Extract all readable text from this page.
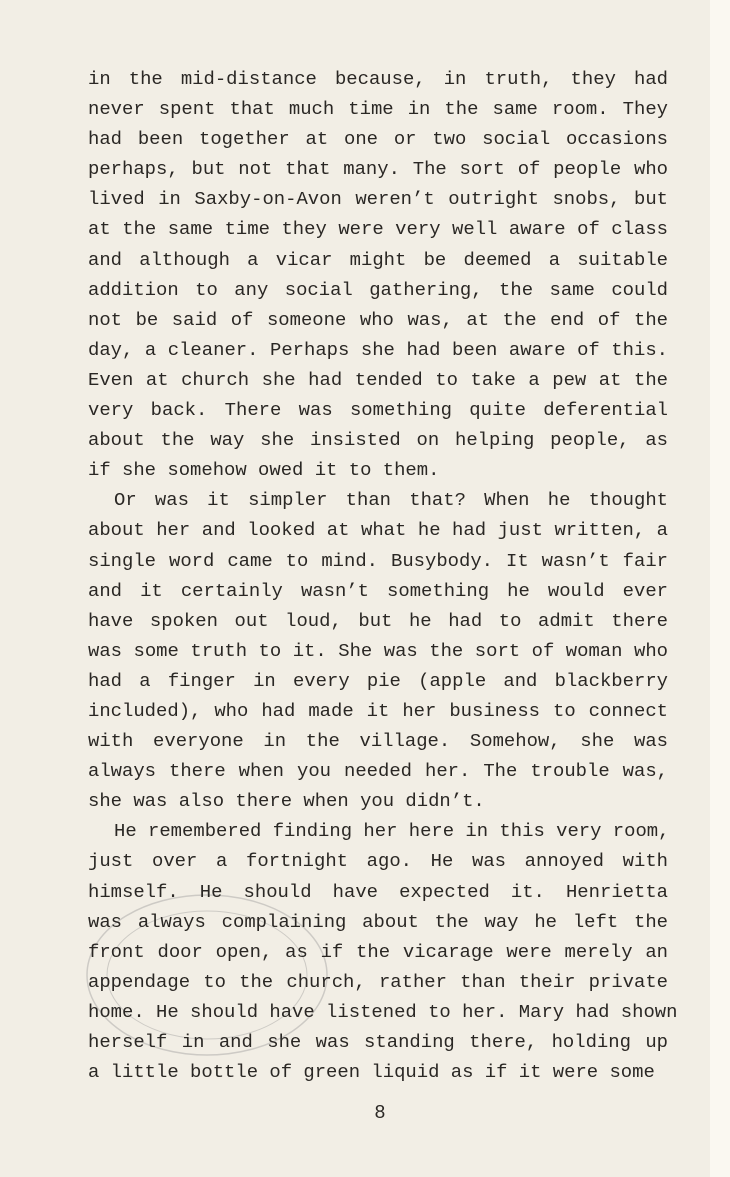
in the mid-distance because, in truth, they had
never spent that much time in the same room. They
had been together at one or two social occasions
perhaps, but not that many. The sort of people who
lived in Saxby-on-Avon weren’t outright snobs, but
at the same time they were very well aware of class
and although a vicar might be deemed a suitable
addition to any social gathering, the same could
not be said of someone who was, at the end of the
day, a cleaner. Perhaps she had been aware of this.
Even at church she had tended to take a pew at the
very back. There was something quite deferential
about the way she insisted on helping people, as
if she somehow owed it to them.
Or was it simpler than that? When he thought
about her and looked at what he had just written, a
single word came to mind. Busybody. It wasn’t fair
and it certainly wasn’t something he would ever
have spoken out loud, but he had to admit there
was some truth to it. She was the sort of woman who
had a finger in every pie (apple and blackberry
included), who had made it her business to connect
with everyone in the village. Somehow, she was
always there when you needed her. The trouble was,
she was also there when you didn’t.
He remembered finding her here in this very room,
just over a fortnight ago. He was annoyed with
himself. He should have expected it. Henrietta
was always complaining about the way he left the
front door open, as if the vicarage were merely an
appendage to the church, rather than their private
home. He should have listened to her. Mary had shown
herself in and she was standing there, holding up
a little bottle of green liquid as if it were some
8
